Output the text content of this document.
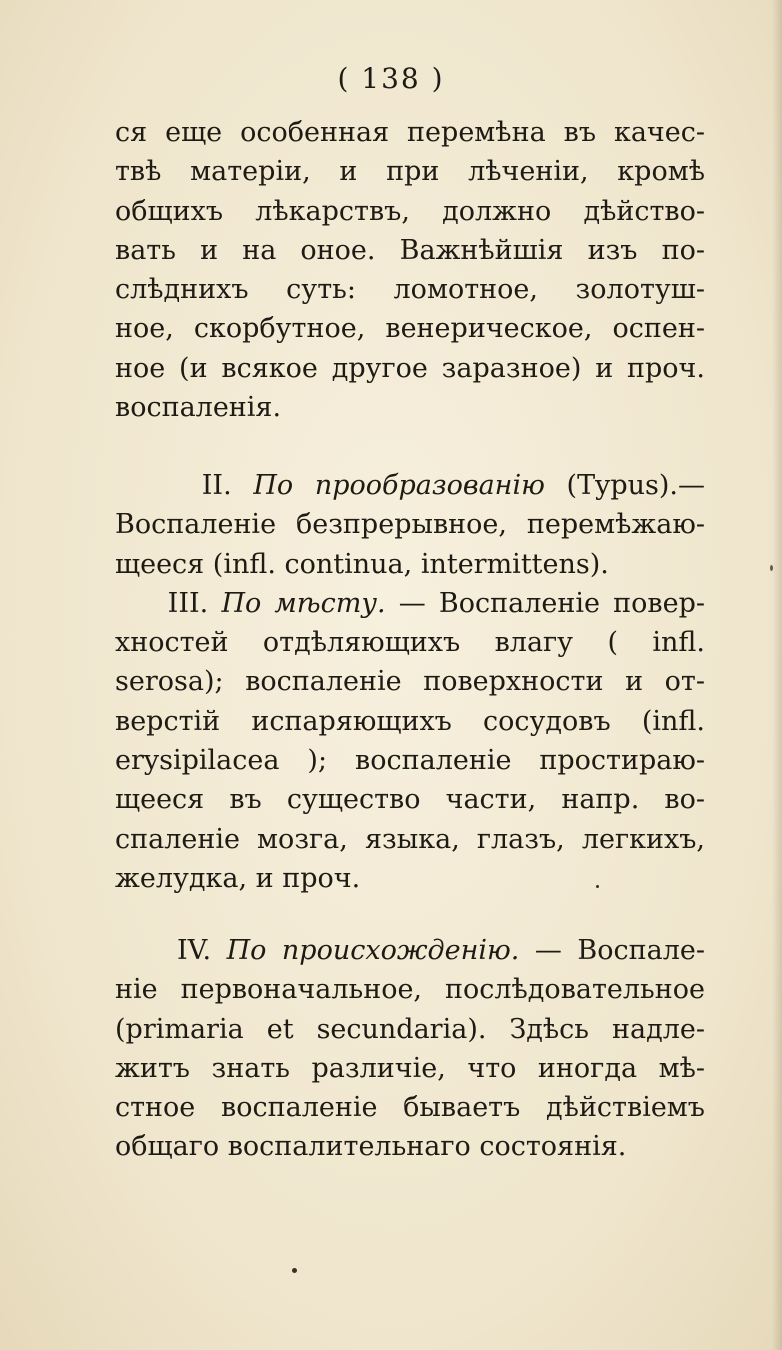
( 138 )
ся еще особенная перемѣна въ качес-
твѣ матеріи, и при лѣченіи, кромѣ
общихъ лѣкарствъ, должно дѣйство-
вать и на оное. Важнѣйшія изъ по-
слѣднихъ суть: ломотное, золотуш-
ное, скорбутное, венерическое, оспен-
ное (и всякое другое заразное) и проч.
воспаленія.
II. По прообразованію (Typus).—
Воспаленіе безпрерывное, перемѣжаю-
щееся (infl. continua, intermittens).
III. По мѣсту. — Воспаленіе повер-
хностей отдѣляющихъ влагу ( infl.
serosa); воспаленіе поверхности и от-
верстій испаряющихъ сосудовъ (infl.
erysipilacea ); воспаленіе простираю-
щееся въ существо части, напр. во-
спаленіе мозга, языка, глазъ, легкихъ,
желудка, и проч.
IV. По происхожденію. — Воспале-
ніе первоначальное, послѣдовательное
(primaria et secundaria). Здѣсь надле-
житъ знать различіе, что иногда мѣ-
стное воспаленіе бываетъ дѣйствіемъ
общаго воспалительнаго состоянія.
